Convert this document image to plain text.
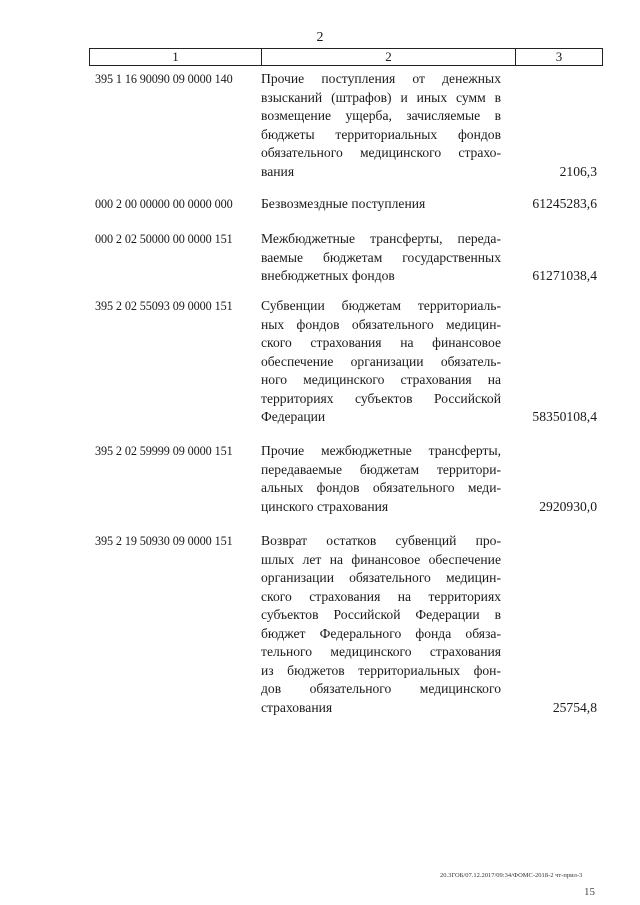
2
1	2	3
395 1 16 90090 09 0000 140 Прочие поступления от денежных
взысканий (штрафов) и иных сумм в
возмещение ущерба, зачисляемые в
бюджеты территориальных фондов
обязательного медицинского страхо-
вания	2106,3
000 2 00 00000 00 0000 000 Безвозмездные поступления	61245283,6
000 2 02 50000 00 0000 151 Межбюджетные трансферты, переда-
ваемые бюджетам государственных
внебюджетных фондов	61271038,4
395 2 02 55093 09 0000 151 Субвенции бюджетам территориаль-
ных фондов обязательного медицин-
ского страхования на финансовое
обеспечение организации обязатель-
ного медицинского страхования на
территориях субъектов Российской
Федерации	58350108,4
395 2 02 59999 09 0000 151 Прочие межбюджетные трансферты,
передаваемые бюджетам территори-
альных фондов обязательного меди-
цинского страхования	2920930,0
395 2 19 50930 09 0000 151 Возврат остатков субвенций про-
шлых лет на финансовое обеспечение
организации обязательного медицин-
ского страхования на территориях
субъектов Российской Федерации в
бюджет Федерального фонда обяза-
тельного медицинского страхования
из бюджетов территориальных фон-
дов обязательного медицинского
страхования	25754,8
20.3ГОБ/07.12.2017/09:34/ФОМС-2018-2 чт-прил-3
15
